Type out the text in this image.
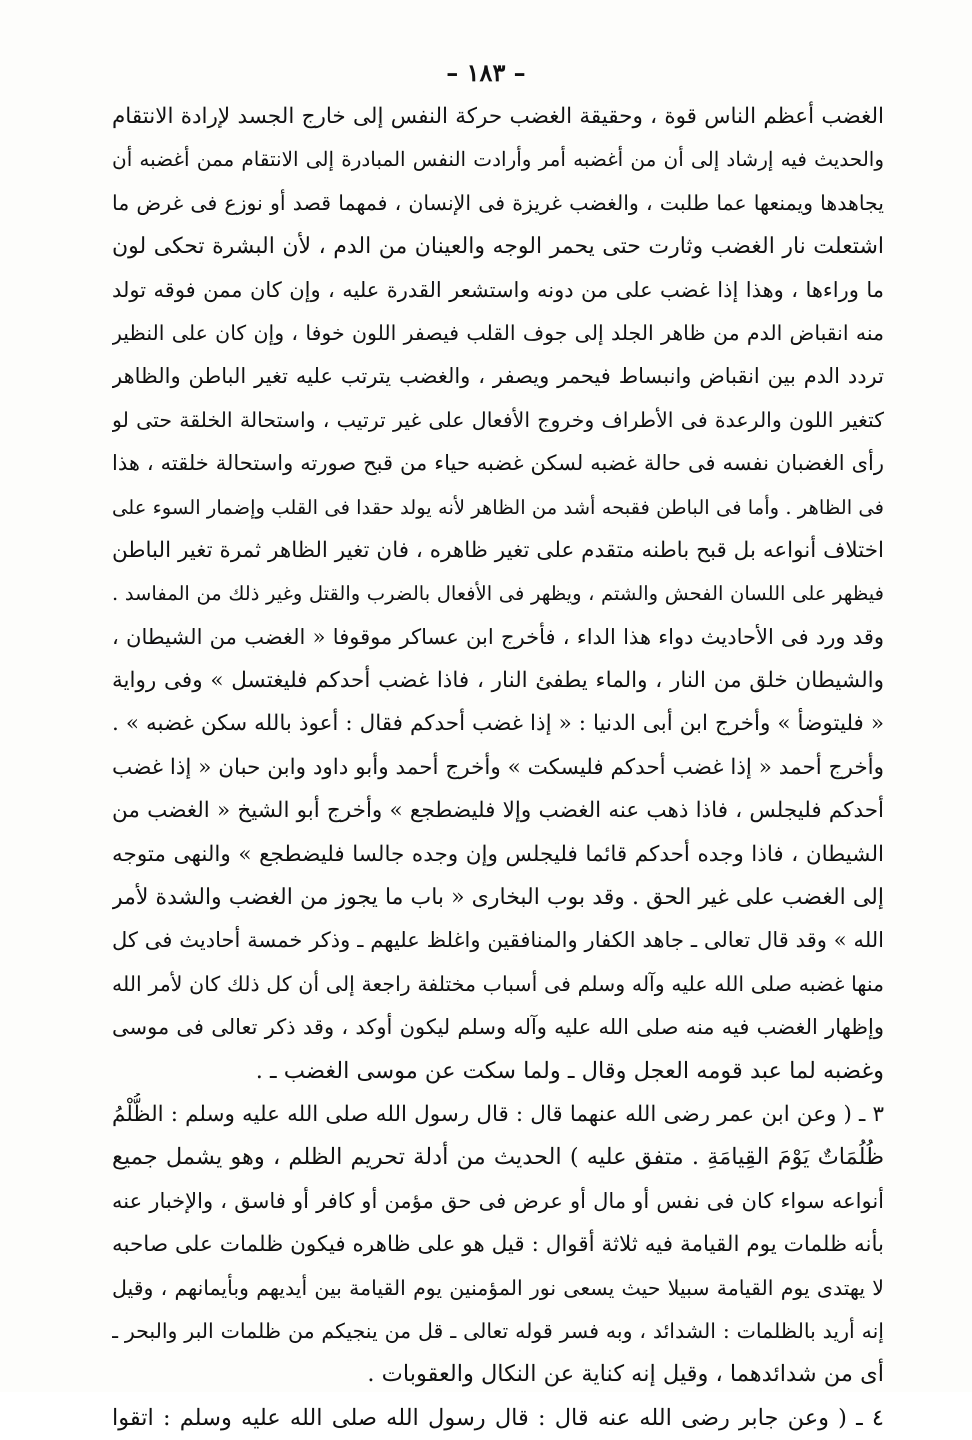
– ١٨٣ –
الغضب أعظم الناس قوة ، وحقيقة الغضب حركة النفس إلى خارج الجسد لإرادة الانتقام
والحديث فيه إرشاد إلى أن من أغضبه أمر وأرادت النفس المبادرة إلى الانتقام ممن أغضبه أن
يجاهدها ويمنعها عما طلبت ، والغضب غريزة فى الإنسان ، فمهما قصد أو نوزع فى غرض ما
اشتعلت نار الغضب وثارت حتى يحمر الوجه والعينان من الدم ، لأن البشرة تحكى لون
ما وراءها ، وهذا إذا غضب على من دونه واستشعر القدرة عليه ، وإن كان ممن فوقه تولد
منه انقباض الدم من ظاهر الجلد إلى جوف القلب فيصفر اللون خوفا ، وإن كان على النظير
تردد الدم بين انقباض وانبساط فيحمر ويصفر ، والغضب يترتب عليه تغير الباطن والظاهر
كتغير اللون والرعدة فى الأطراف وخروج الأفعال على غير ترتيب ، واستحالة الخلقة حتى لو
رأى الغضبان نفسه فى حالة غضبه لسكن غضبه حياء من قبح صورته واستحالة خلقته ، هذا
فى الظاهر . وأما فى الباطن فقبحه أشد من الظاهر لأنه يولد حقدا فى القلب وإضمار السوء على
اختلاف أنواعه بل قبح باطنه متقدم على تغير ظاهره ، فان تغير الظاهر ثمرة تغير الباطن
فيظهر على اللسان الفحش والشتم ، ويظهر فى الأفعال بالضرب والقتل وغير ذلك من المفاسد .
وقد ورد فى الأحاديث دواء هذا الداء ، فأخرج ابن عساكر موقوفا « الغضب من الشيطان ،
والشيطان خلق من النار ، والماء يطفئ النار ، فاذا غضب أحدكم فليغتسل » وفى رواية
« فليتوضأ » وأخرج ابن أبى الدنيا : « إذا غضب أحدكم فقال : أعوذ بالله سكن غضبه » .
وأخرج أحمد « إذا غضب أحدكم فليسكت » وأخرج أحمد وأبو داود وابن حبان « إذا غضب
أحدكم فليجلس ، فاذا ذهب عنه الغضب وإلا فليضطجع » وأخرج أبو الشيخ « الغضب من
الشيطان ، فاذا وجده أحدكم قائما فليجلس وإن وجده جالسا فليضطجع » والنهى متوجه
إلى الغضب على غير الحق . وقد بوب البخارى « باب ما يجوز من الغضب والشدة لأمر
الله » وقد قال تعالى ـ جاهد الكفار والمنافقين واغلظ عليهم ـ وذكر خمسة أحاديث فى كل
منها غضبه صلى الله عليه وآله وسلم فى أسباب مختلفة راجعة إلى أن كل ذلك كان لأمر الله
وإظهار الغضب فيه منه صلى الله عليه وآله وسلم ليكون أوكد ، وقد ذكر تعالى فى موسى
وغضبه لما عبد قومه العجل وقال ـ ولما سكت عن موسى الغضب ـ .
٣ ـ ( وعن ابن عمر رضى الله عنهما قال : قال رسول الله صلى الله عليه وسلم : الظُّلْمُ
ظُلُمَاتٌ يَوْمَ القِيامَةِ . متفق عليه ) الحديث من أدلة تحريم الظلم ، وهو يشمل جميع
أنواعه سواء كان فى نفس أو مال أو عرض فى حق مؤمن أو كافر أو فاسق ، والإخبار عنه
بأنه ظلمات يوم القيامة فيه ثلاثة أقوال : قيل هو على ظاهره فيكون ظلمات على صاحبه
لا يهتدى يوم القيامة سبيلا حيث يسعى نور المؤمنين يوم القيامة بين أيديهم وبأيمانهم ، وقيل
إنه أريد بالظلمات : الشدائد ، وبه فسر قوله تعالى ـ قل من ينجيكم من ظلمات البر والبحر ـ
أى من شدائدهما ، وقيل إنه كناية عن النكال والعقوبات .
٤ ـ ( وعن جابر رضى الله عنه قال : قال رسول الله صلى الله عليه وسلم : اتقوا
